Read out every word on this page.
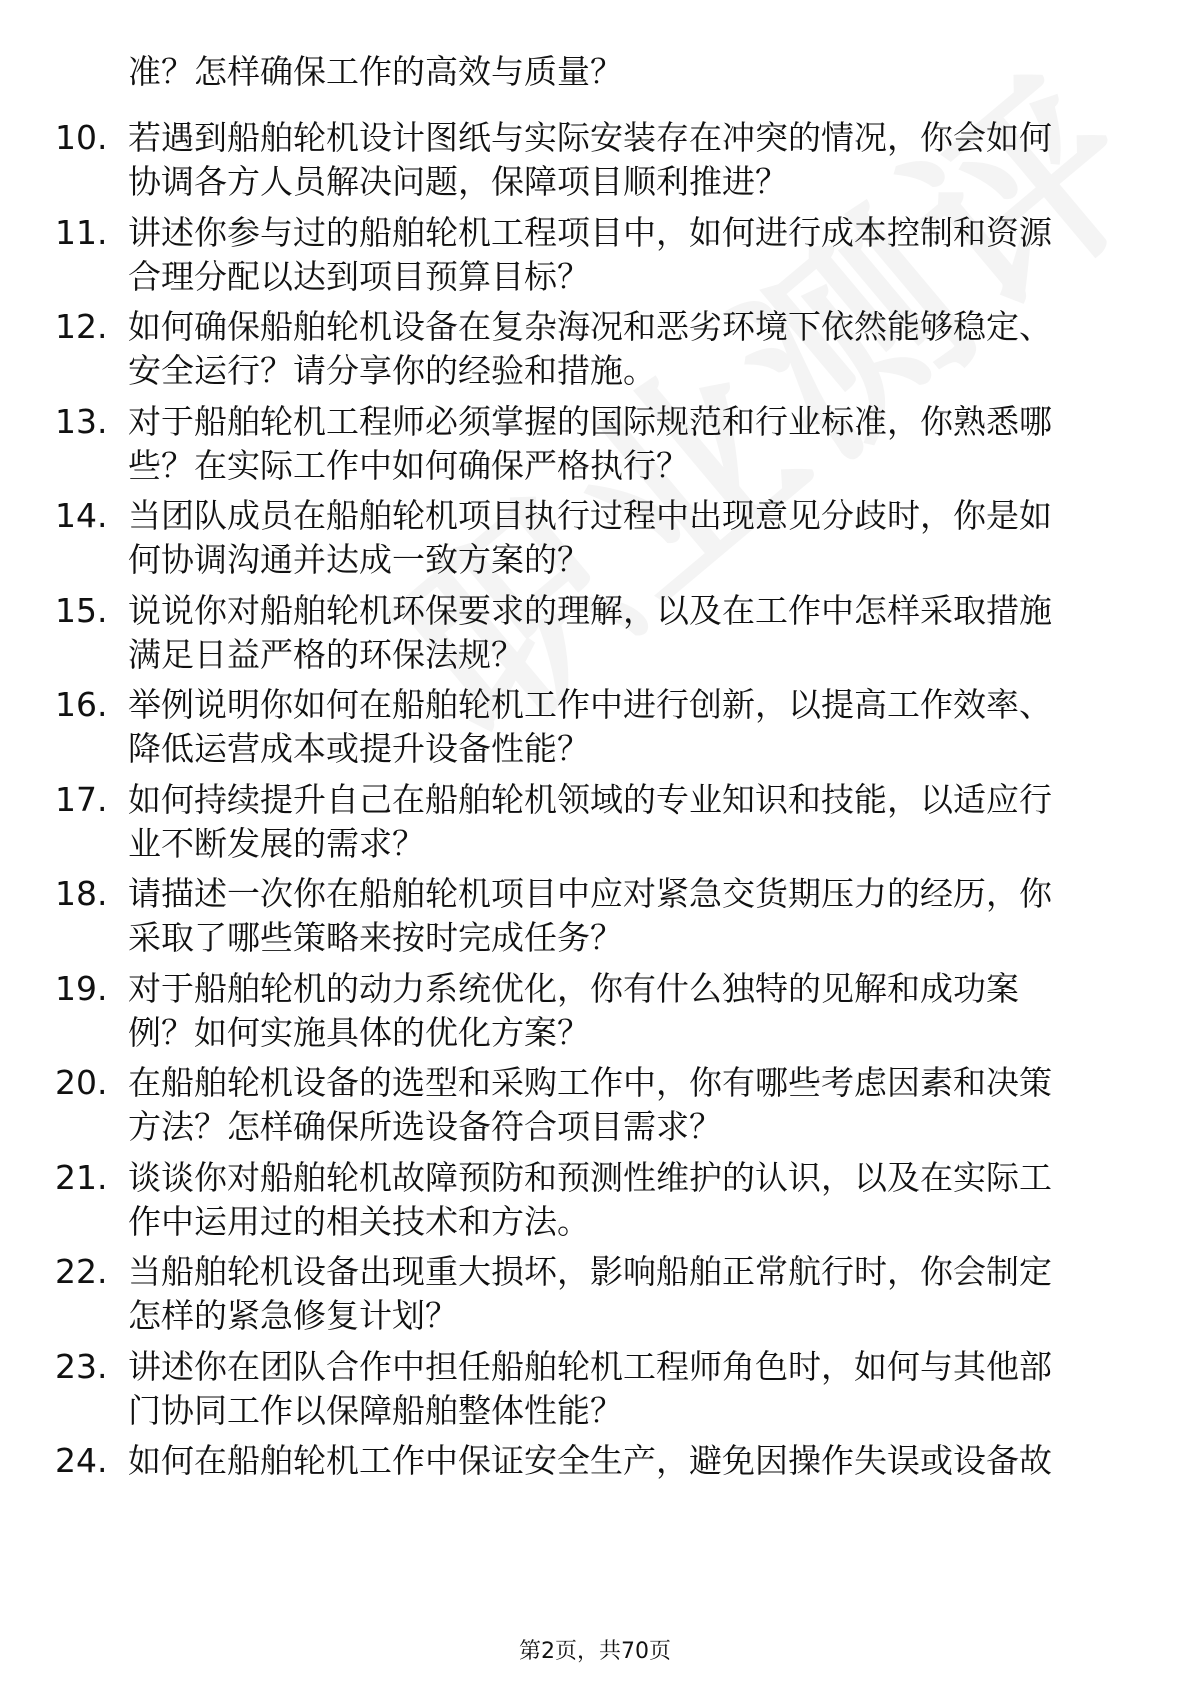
准？怎样确保工作的高效与质量？
10. 若遇到船舶轮机设计图纸与实际安装存在冲突的情况，你会如何
协调各方人员解决问题，保障项目顺利推进？
11. 讲述你参与过的船舶轮机工程项目中，如何进行成本控制和资源
合理分配以达到项目预算目标？
12. 如何确保船舶轮机设备在复杂海况和恶劣环境下依然能够稳定、
安全运行？请分享你的经验和措施。
13. 对于船舶轮机工程师必须掌握的国际规范和行业标准，你熟悉哪
些？在实际工作中如何确保严格执行？
14. 当团队成员在船舶轮机项目执行过程中出现意见分歧时，你是如
何协调沟通并达成一致方案的？
15. 说说你对船舶轮机环保要求的理解，以及在工作中怎样采取措施
满足日益严格的环保法规？
16. 举例说明你如何在船舶轮机工作中进行创新，以提高工作效率、
降低运营成本或提升设备性能？
17. 如何持续提升自己在船舶轮机领域的专业知识和技能，以适应行
业不断发展的需求？
18. 请描述一次你在船舶轮机项目中应对紧急交货期压力的经历，你
采取了哪些策略来按时完成任务？
19. 对于船舶轮机的动力系统优化，你有什么独特的见解和成功案
例？如何实施具体的优化方案？
20. 在船舶轮机设备的选型和采购工作中，你有哪些考虑因素和决策
方法？怎样确保所选设备符合项目需求？
21. 谈谈你对船舶轮机故障预防和预测性维护的认识，以及在实际工
作中运用过的相关技术和方法。
22. 当船舶轮机设备出现重大损坏，影响船舶正常航行时，你会制定
怎样的紧急修复计划？
23. 讲述你在团队合作中担任船舶轮机工程师角色时，如何与其他部
门协同工作以保障船舶整体性能？
24. 如何在船舶轮机工作中保证安全生产，避免因操作失误或设备故
第2页，共70页
